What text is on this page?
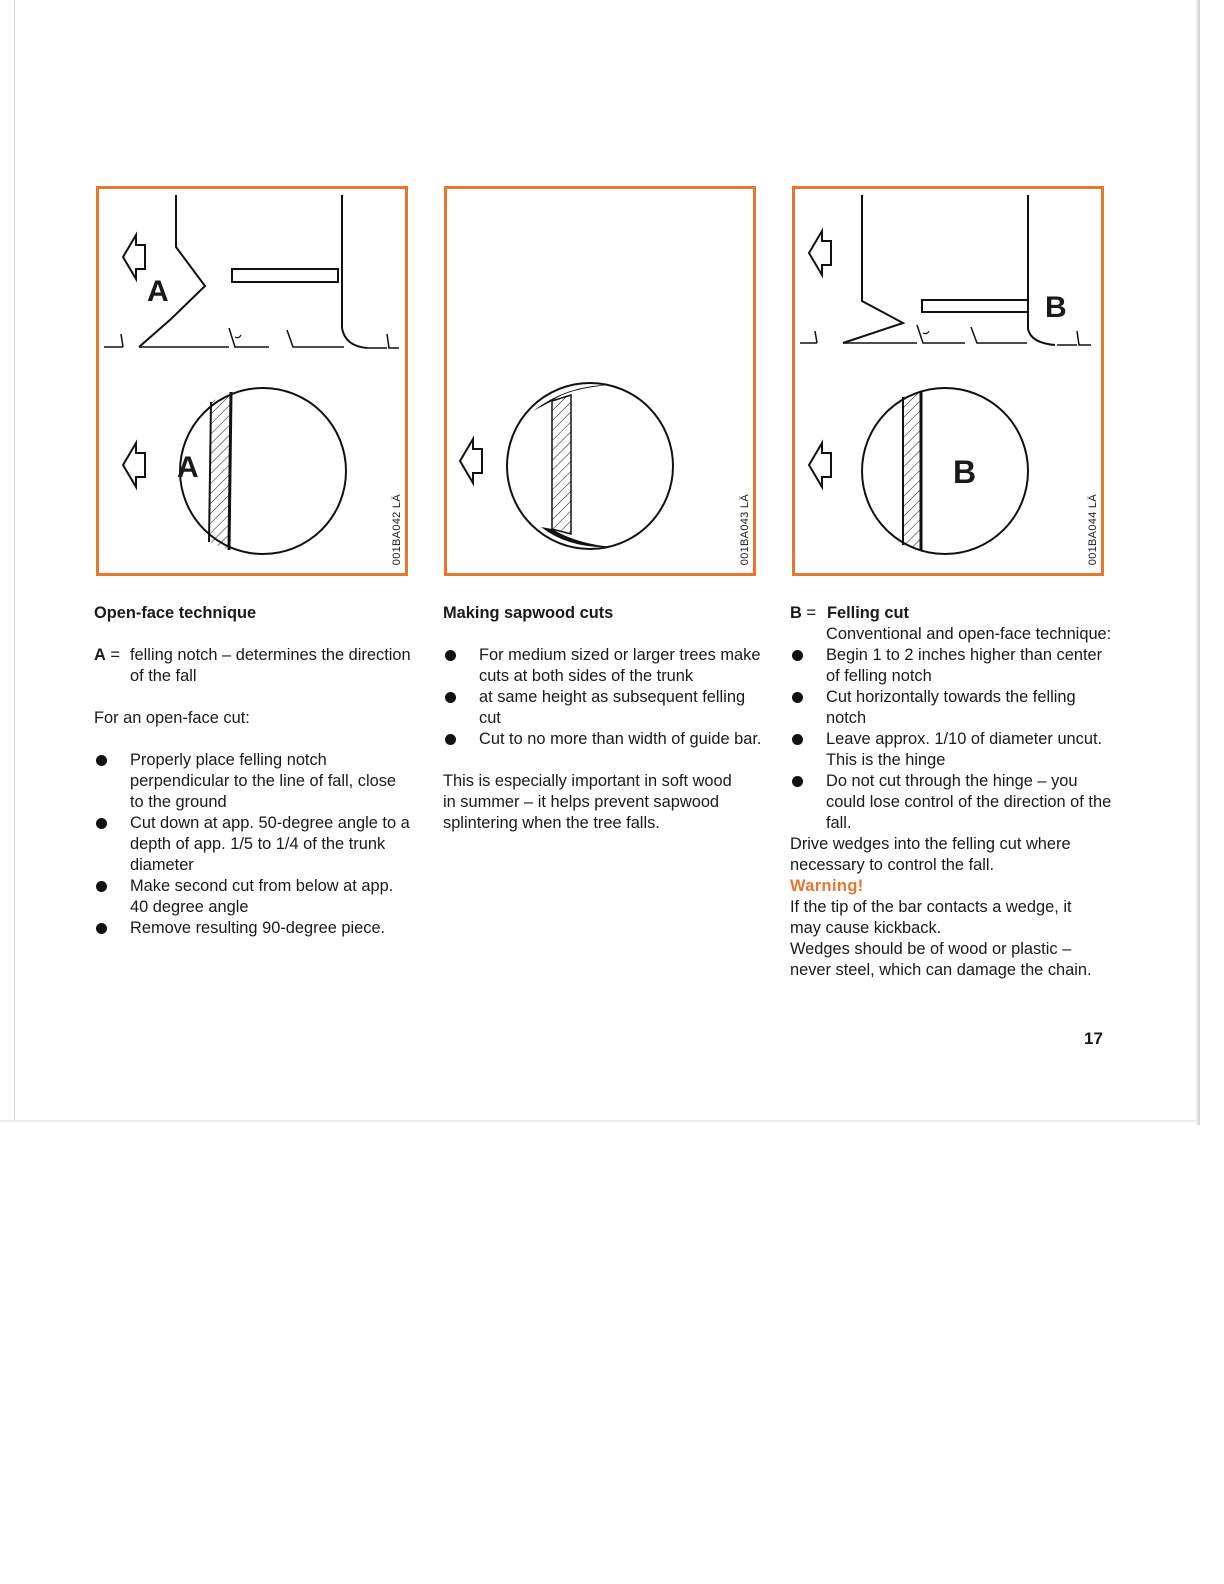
A
A
001BA042 LÄ	001BA043 LÄ
B
B
001BA044 LÄ
Open-face technique
A = felling notch – determines the direction of the fall
For an open-face cut:
Properly place felling notch perpendicular to the line of fall, close to the ground
Cut down at app. 50-degree angle to a depth of app. 1/5 to 1/4 of the trunk diameter
Make second cut from below at app. 40 degree angle
Remove resulting 90-degree piece.
Making sapwood cuts
For medium sized or larger trees make cuts at both sides of the trunk
at same height as subsequent felling cut
Cut to no more than width of guide bar.
This is especially important in soft wood in summer – it helps prevent sapwood splintering when the tree falls.
B = Felling cut
Conventional and open-face technique:
Begin 1 to 2 inches higher than center of felling notch
Cut horizontally towards the felling notch
Leave approx. 1/10 of diameter uncut. This is the hinge
Do not cut through the hinge – you could lose control of the direction of the fall.
Drive wedges into the felling cut where necessary to control the fall.
Warning!
If the tip of the bar contacts a wedge, it may cause kickback.
Wedges should be of wood or plastic – never steel, which can damage the chain.
17
